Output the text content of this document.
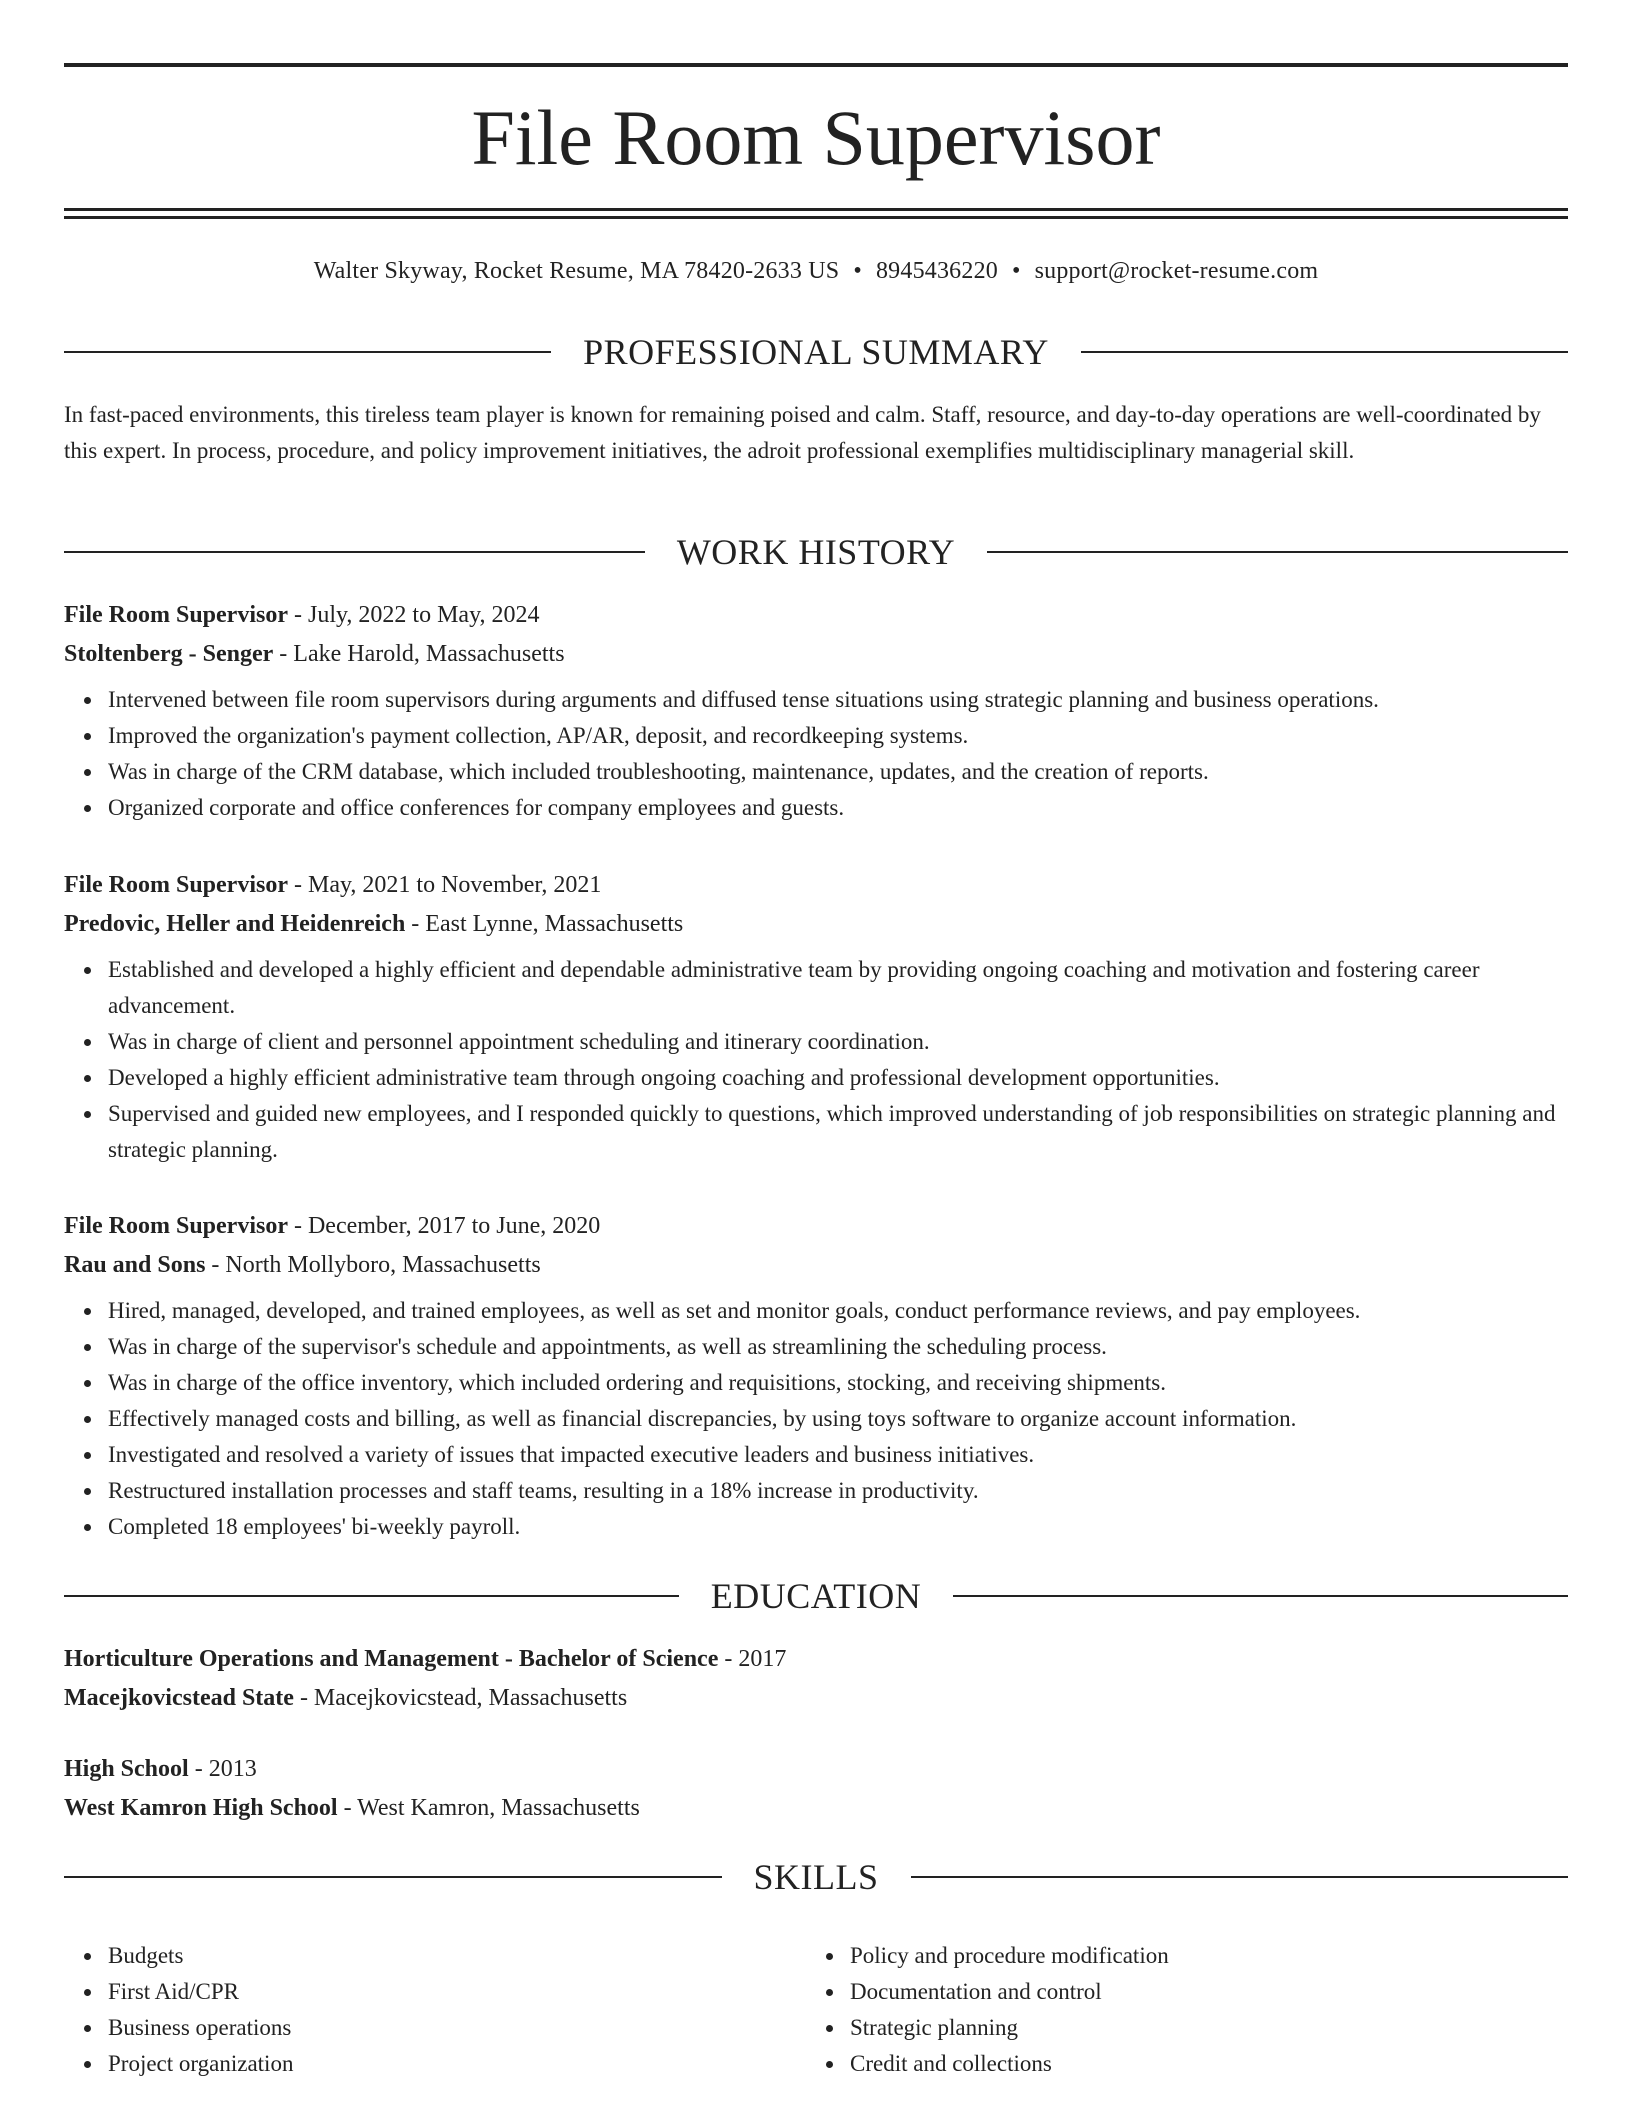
File Room Supervisor
Walter Skyway, Rocket Resume, MA 78420-2633 US • 8945436220 • support@rocket-resume.com
PROFESSIONAL SUMMARY

In fast-paced environments, this tireless team player is known for remaining poised and calm. Staff, resource, and day-to-day operations are well-coordinated by this expert. In process, procedure, and policy improvement initiatives, the adroit professional exemplifies multidisciplinary managerial skill.

WORK HISTORY
File Room Supervisor - July, 2022 to May, 2024
Stoltenberg - Senger - Lake Harold, Massachusetts
Intervened between file room supervisors during arguments and diffused tense situations using strategic planning and business operations.
Improved the organization's payment collection, AP/AR, deposit, and recordkeeping systems.
Was in charge of the CRM database, which included troubleshooting, maintenance, updates, and the creation of reports.
Organized corporate and office conferences for company employees and guests.
File Room Supervisor - May, 2021 to November, 2021
Predovic, Heller and Heidenreich - East Lynne, Massachusetts
Established and developed a highly efficient and dependable administrative team by providing ongoing coaching and motivation and fostering career advancement.
Was in charge of client and personnel appointment scheduling and itinerary coordination.
Developed a highly efficient administrative team through ongoing coaching and professional development opportunities.
Supervised and guided new employees, and I responded quickly to questions, which improved understanding of job responsibilities on strategic planning and strategic planning.
File Room Supervisor - December, 2017 to June, 2020
Rau and Sons - North Mollyboro, Massachusetts
Hired, managed, developed, and trained employees, as well as set and monitor goals, conduct performance reviews, and pay employees.
Was in charge of the supervisor's schedule and appointments, as well as streamlining the scheduling process.
Was in charge of the office inventory, which included ordering and requisitions, stocking, and receiving shipments.
Effectively managed costs and billing, as well as financial discrepancies, by using toys software to organize account information.
Investigated and resolved a variety of issues that impacted executive leaders and business initiatives.
Restructured installation processes and staff teams, resulting in a 18% increase in productivity.
Completed 18 employees' bi-weekly payroll.
EDUCATION
Horticulture Operations and Management - Bachelor of Science - 2017
Macejkovicstead State - Macejkovicstead, Massachusetts
High School - 2013
West Kamron High School - West Kamron, Massachusetts
SKILLS
Budgets
First Aid/CPR
Business operations
Project organization
Policy and procedure modification
Documentation and control
Strategic planning
Credit and collections
